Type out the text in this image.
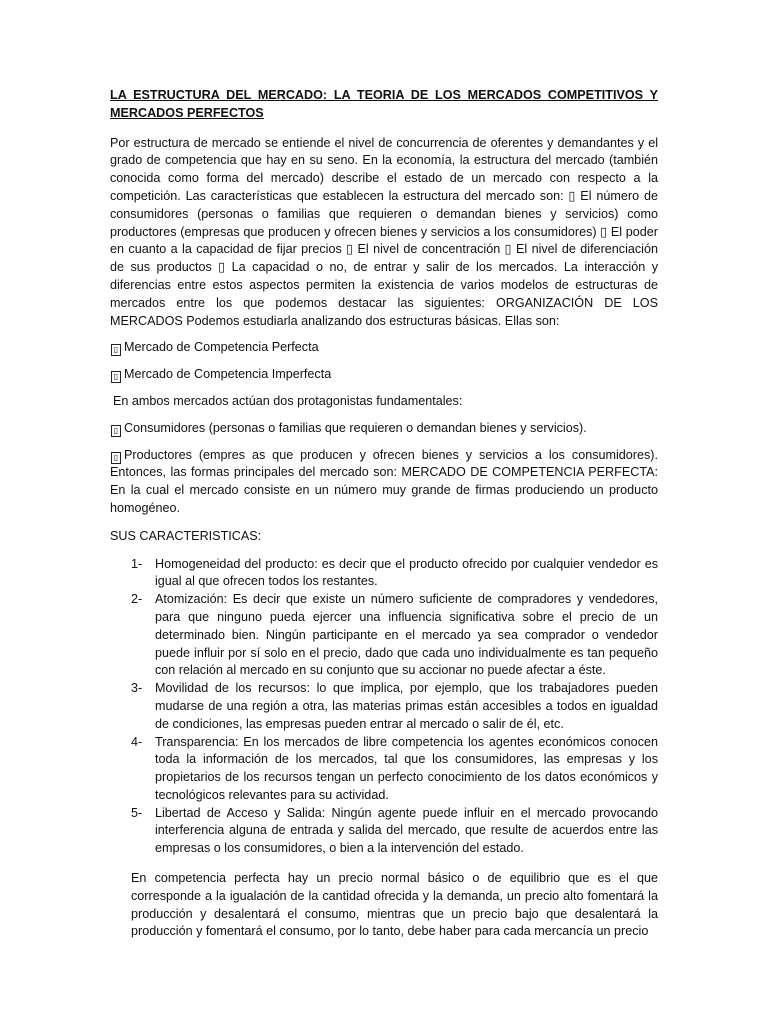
LA ESTRUCTURA DEL MERCADO: LA TEORIA DE LOS MERCADOS COMPETITIVOS Y MERCADOS PERFECTOS

Por estructura de mercado se entiende el nivel de concurrencia de oferentes y demandantes y el grado de competencia que hay en su seno. En la economía, la estructura del mercado (también conocida como forma del mercado) describe el estado de un mercado con respecto a la competición. Las características que establecen la estructura del mercado son: ▯ El número de consumidores (personas o familias que requieren o demandan bienes y servicios) como productores (empresas que producen y ofrecen bienes y servicios a los consumidores) ▯ El poder en cuanto a la capacidad de fijar precios ▯ El nivel de concentración ▯ El nivel de diferenciación de sus productos ▯ La capacidad o no, de entrar y salir de los mercados. La interacción y diferencias entre estos aspectos permiten la existencia de varios modelos de estructuras de mercados entre los que podemos destacar las siguientes: ORGANIZACIÓN DE LOS MERCADOS Podemos estudiarla analizando dos estructuras básicas. Ellas son:

▯ Mercado de Competencia Perfecta

▯ Mercado de Competencia Imperfecta

En ambos mercados actúan dos protagonistas fundamentales:

▯ Consumidores (personas o familias que requieren o demandan bienes y servicios).

▯ Productores (empres as que producen y ofrecen bienes y servicios a los consumidores). Entonces, las formas principales del mercado son: MERCADO DE COMPETENCIA PERFECTA: En la cual el mercado consiste en un número muy grande de firmas produciendo un producto homogéneo.

SUS CARACTERISTICAS:

1- Homogeneidad del producto: es decir que el producto ofrecido por cualquier vendedor es igual al que ofrecen todos los restantes.
2- Atomización: Es decir que existe un número suficiente de compradores y vendedores, para que ninguno pueda ejercer una influencia significativa sobre el precio de un determinado bien. Ningún participante en el mercado ya sea comprador o vendedor puede influir por sí solo en el precio, dado que cada uno individualmente es tan pequeño con relación al mercado en su conjunto que su accionar no puede afectar a éste.
3- Movilidad de los recursos: lo que implica, por ejemplo, que los trabajadores pueden mudarse de una región a otra, las materias primas están accesibles a todos en igualdad de condiciones, las empresas pueden entrar al mercado o salir de él, etc.
4- Transparencia: En los mercados de libre competencia los agentes económicos conocen toda la información de los mercados, tal que los consumidores, las empresas y los propietarios de los recursos tengan un perfecto conocimiento de los datos económicos y tecnológicos relevantes para su actividad.
5- Libertad de Acceso y Salida: Ningún agente puede influir en el mercado provocando interferencia alguna de entrada y salida del mercado, que resulte de acuerdos entre las empresas o los consumidores, o bien a la intervención del estado.

En competencia perfecta hay un precio normal básico o de equilibrio que es el que corresponde a la igualación de la cantidad ofrecida y la demanda, un precio alto fomentará la producción y desalentará el consumo, mientras que un precio bajo que desalentará la producción y fomentará el consumo, por lo tanto, debe haber para cada mercancía un precio
